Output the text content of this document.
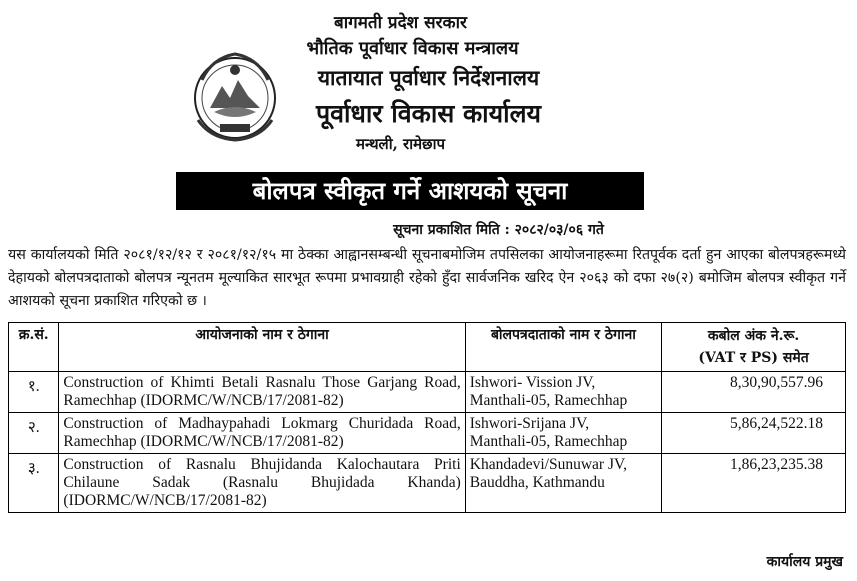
बागमती प्रदेश सरकार
भौतिक पूर्वाधार विकास मन्त्रालय
यातायात पूर्वाधार निर्देशनालय
पूर्वाधार विकास कार्यालय
मन्थली, रामेछाप
बोलपत्र स्वीकृत गर्ने आशयको सूचना
सूचना प्रकाशित मिति : २०८२/०३/०६ गते
यस कार्यालयको मिति २०८१/१२/१२ र २०८१/१२/१५ मा ठेक्का आह्वानसम्बन्धी सूचनाबमोजिम तपसिलका आयोजनाहरूमा रितपूर्वक दर्ता हुन आएका बोलपत्रहरूमध्ये देहायको बोलपत्रदाताको बोलपत्र न्यूनतम मूल्याकित सारभूत रूपमा प्रभावग्राही रहेको हुँदा सार्वजनिक खरिद ऐन २०६३ को दफा २७(२) बमोजिम बोलपत्र स्वीकृत गर्ने आशयको सूचना प्रकाशित गरिएको छ ।
क्र.सं.	आयोजनाको नाम र ठेगाना	बोलपत्रदाताको नाम र ठेगाना	कबोल अंक ने.रू.
(VAT र PS) समेत
१.	Construction of Khimti Betali Rasnalu Those Garjang Road, Ramechhap (IDORMC/W/NCB/17/2081-82)	Ishwori- Vission JV,
Manthali-05, Ramechhap	8,30,90,557.96
२.	Construction of Madhaypahadi Lokmarg Churidada Road, Ramechhap (IDORMC/W/NCB/17/2081-82)	Ishwori-Srijana JV,
Manthali-05, Ramechhap	5,86,24,522.18
३.	Construction of Rasnalu Bhujidanda Kalochautara Priti Chilaune Sadak (Rasnalu Bhujidada Khanda) (IDORMC/W/NCB/17/2081-82)	Khandadevi/Sunuwar JV,
Bauddha, Kathmandu	1,86,23,235.38
कार्यालय प्रमुख
